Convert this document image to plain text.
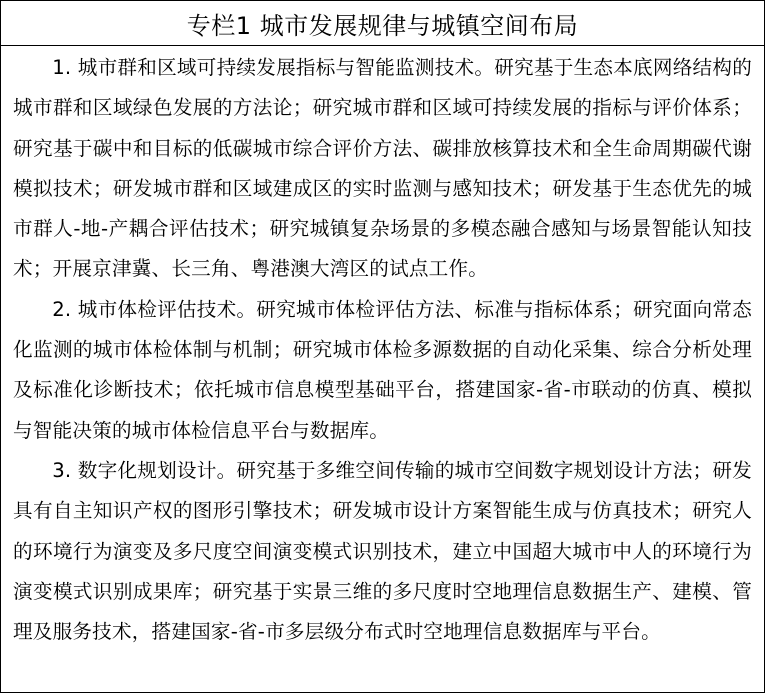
专栏1 城市发展规律与城镇空间布局

1. 城市群和区域可持续发展指标与智能监测技术。研究基于生态本底网络结构的城市群和区域绿色发展的方法论；研究城市群和区域可持续发展的指标与评价体系；研究基于碳中和目标的低碳城市综合评价方法、碳排放核算技术和全生命周期碳代谢模拟技术；研发城市群和区域建成区的实时监测与感知技术；研发基于生态优先的城市群人-地-产耦合评估技术；研究城镇复杂场景的多模态融合感知与场景智能认知技术；开展京津冀、长三角、粤港澳大湾区的试点工作。

2. 城市体检评估技术。研究城市体检评估方法、标准与指标体系；研究面向常态化监测的城市体检体制与机制；研究城市体检多源数据的自动化采集、综合分析处理及标准化诊断技术；依托城市信息模型基础平台，搭建国家-省-市联动的仿真、模拟与智能决策的城市体检信息平台与数据库。

3. 数字化规划设计。研究基于多维空间传输的城市空间数字规划设计方法；研发具有自主知识产权的图形引擎技术；研发城市设计方案智能生成与仿真技术；研究人的环境行为演变及多尺度空间演变模式识别技术，建立中国超大城市中人的环境行为演变模式识别成果库；研究基于实景三维的多尺度时空地理信息数据生产、建模、管理及服务技术，搭建国家-省-市多层级分布式时空地理信息数据库与平台。
